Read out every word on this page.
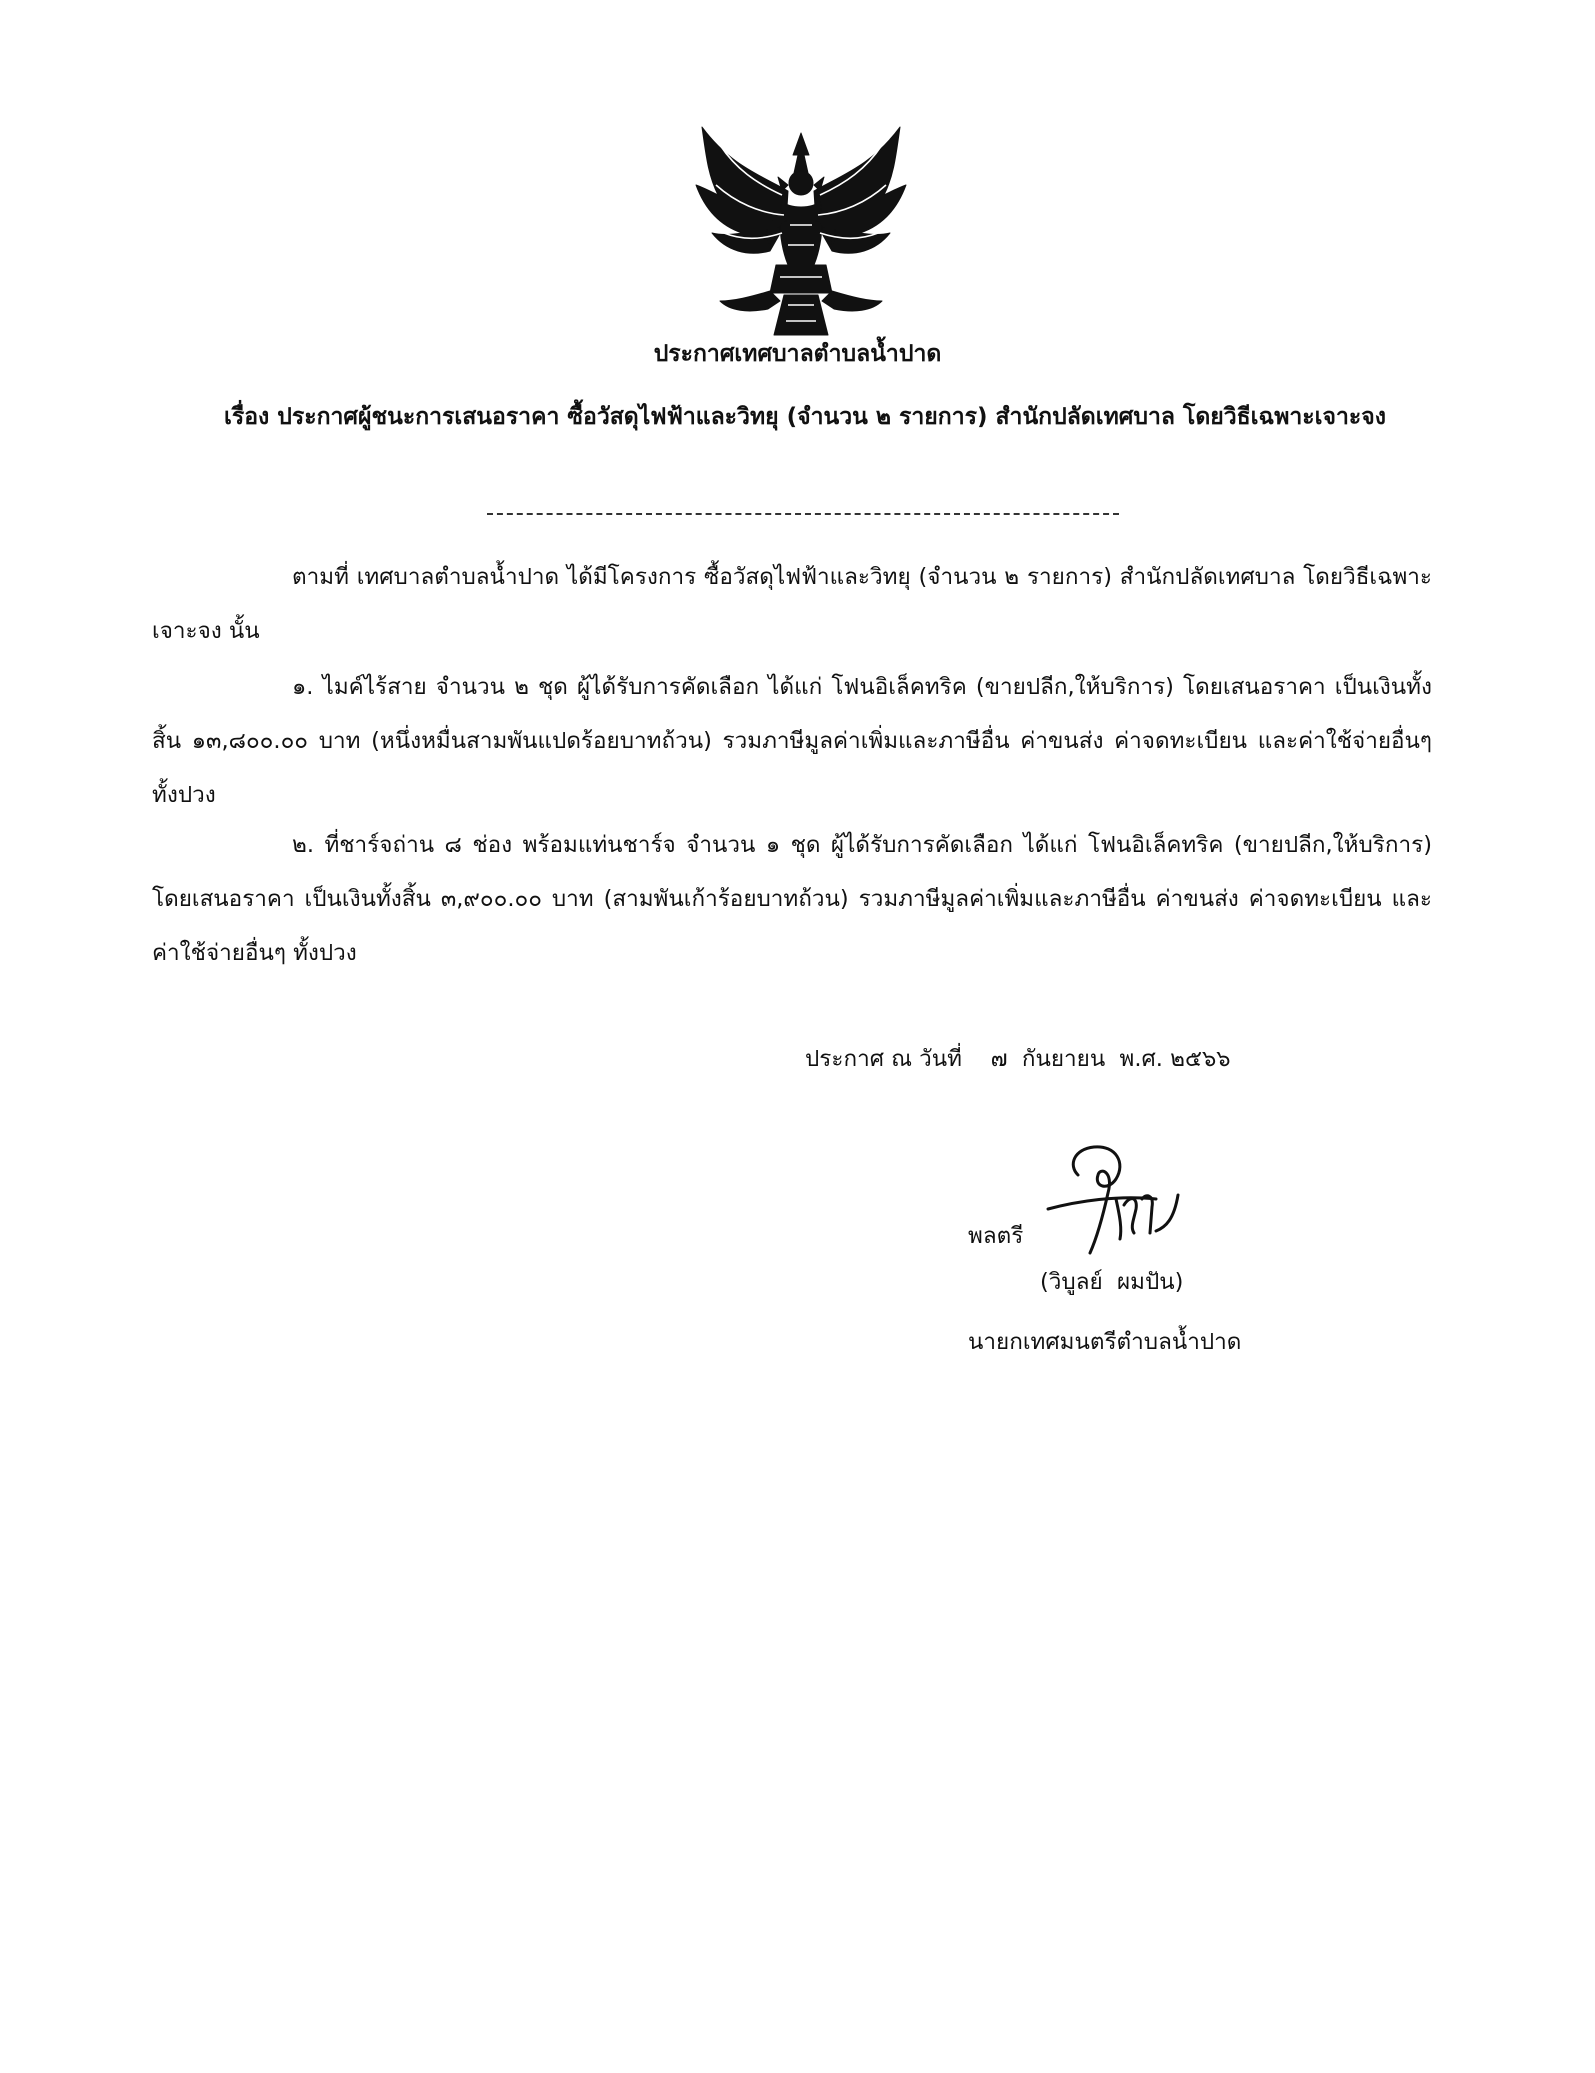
ประกาศเทศบาลตำบลน้ำปาด
เรื่อง ประกาศผู้ชนะการเสนอราคา ซื้อวัสดุไฟฟ้าและวิทยุ (จำนวน ๒ รายการ) สำนักปลัดเทศบาล โดยวิธีเฉพาะเจาะจง
ตามที่ เทศบาลตำบลน้ำปาด ได้มีโครงการ ซื้อวัสดุไฟฟ้าและวิทยุ (จำนวน ๒ รายการ) สำนักปลัดเทศบาล โดยวิธีเฉพาะเจาะจง นั้น
๑. ไมค์ไร้สาย จำนวน ๒ ชุด ผู้ได้รับการคัดเลือก ได้แก่ โฟนอิเล็คทริค (ขายปลีก,ให้บริการ) โดยเสนอราคา เป็นเงินทั้งสิ้น ๑๓,๘๐๐.๐๐ บาท (หนึ่งหมื่นสามพันแปดร้อยบาทถ้วน) รวมภาษีมูลค่าเพิ่มและภาษีอื่น ค่าขนส่ง ค่าจดทะเบียน และค่าใช้จ่ายอื่นๆ ทั้งปวง
๒. ที่ชาร์จถ่าน ๘ ช่อง พร้อมแท่นชาร์จ จำนวน ๑ ชุด ผู้ได้รับการคัดเลือก ได้แก่ โฟนอิเล็คทริค (ขายปลีก,ให้บริการ) โดยเสนอราคา เป็นเงินทั้งสิ้น ๓,๙๐๐.๐๐ บาท (สามพันเก้าร้อยบาทถ้วน) รวมภาษีมูลค่าเพิ่มและภาษีอื่น ค่าขนส่ง ค่าจดทะเบียน และค่าใช้จ่ายอื่นๆ ทั้งปวง
ประกาศ ณ วันที่    ๗  กันยายน  พ.ศ. ๒๕๖๖
พลตรี
(วิบูลย์  ผมปัน)
นายกเทศมนตรีตำบลน้ำปาด
